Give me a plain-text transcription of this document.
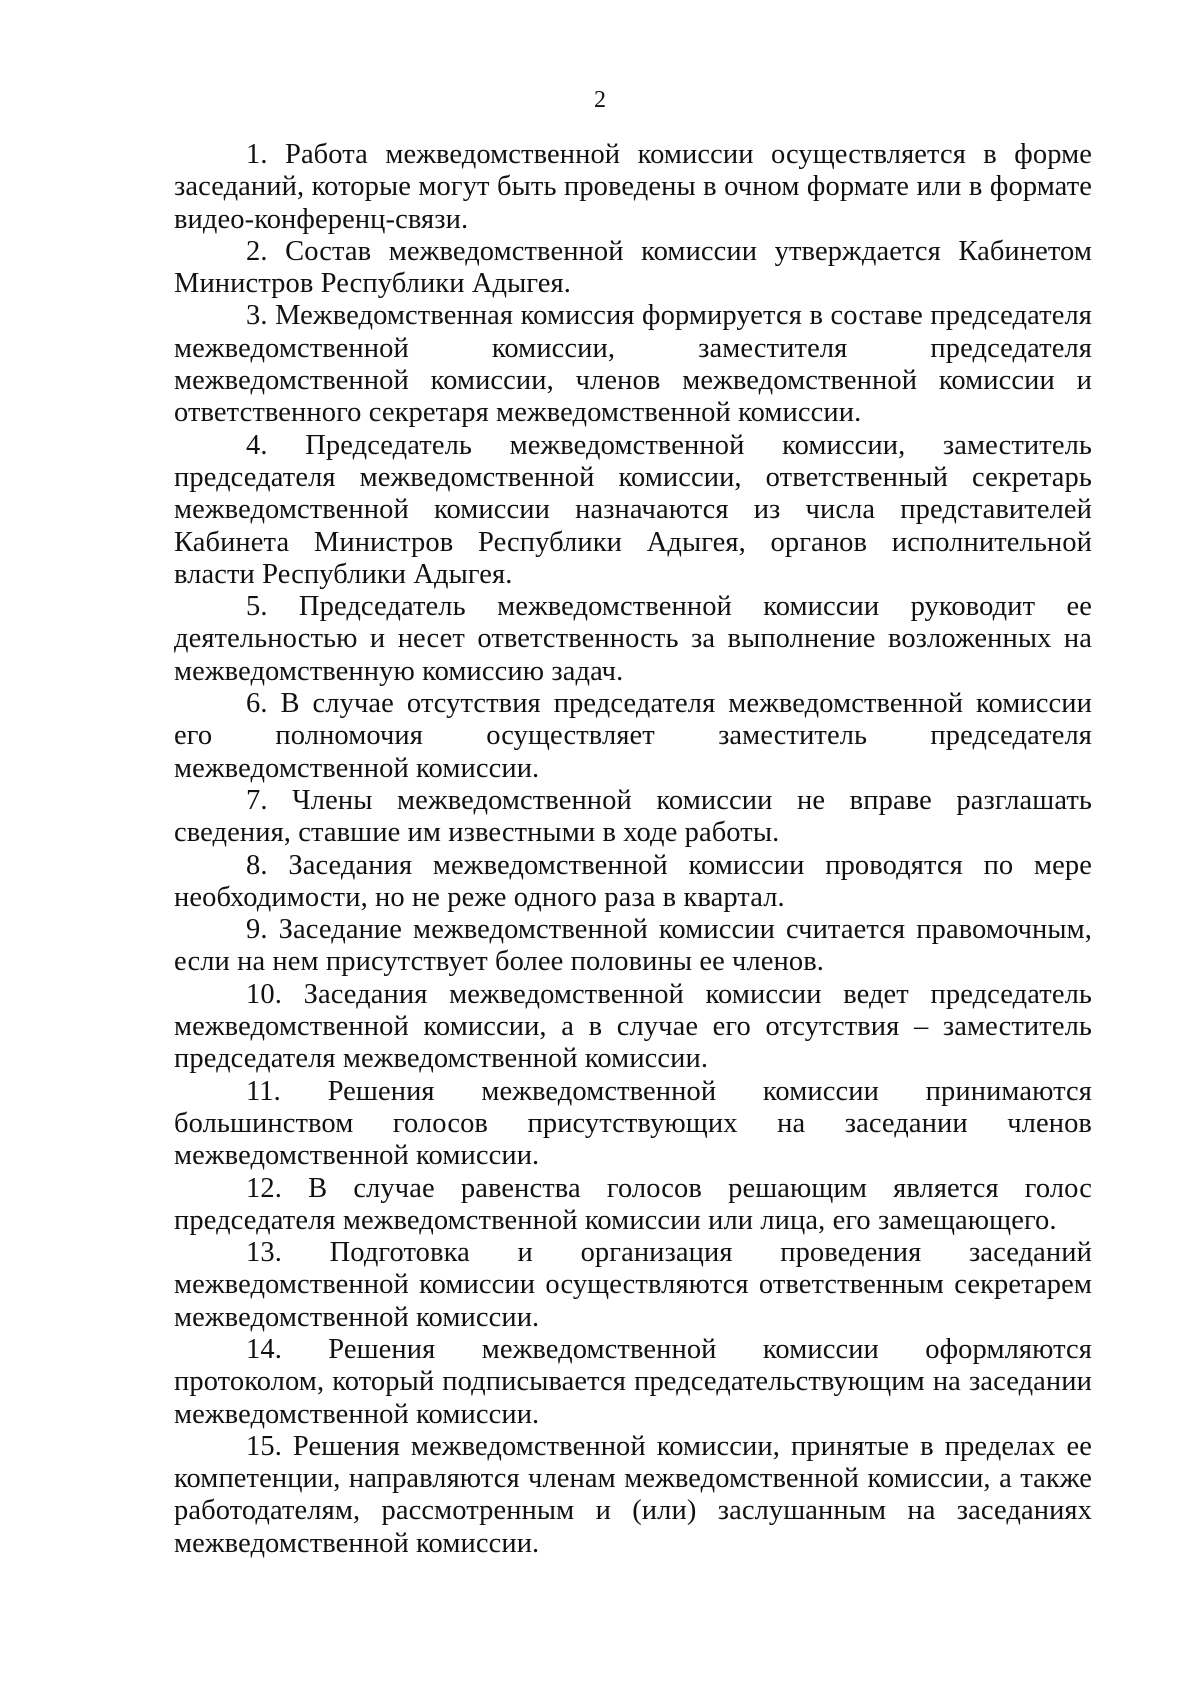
2

1. Работа межведомственной комиссии осуществляется в форме заседаний, которые могут быть проведены в очном формате или в формате видео-конференц-связи.

2. Состав межведомственной комиссии утверждается Кабинетом Министров Республики Адыгея.

3. Межведомственная комиссия формируется в составе председателя межведомственной комиссии, заместителя председателя межведомственной комиссии, членов межведомственной комиссии и ответственного секретаря межведомственной комиссии.

4. Председатель межведомственной комиссии, заместитель председателя межведомственной комиссии, ответственный секретарь межведомственной комиссии назначаются из числа представителей Кабинета Министров Республики Адыгея, органов исполнительной власти Республики Адыгея.

5. Председатель межведомственной комиссии руководит ее деятельностью и несет ответственность за выполнение возложенных на межведомственную комиссию задач.

6. В случае отсутствия председателя межведомственной комиссии его полномочия осуществляет заместитель председателя межведомственной комиссии.

7. Члены межведомственной комиссии не вправе разглашать сведения, ставшие им известными в ходе работы.

8. Заседания межведомственной комиссии проводятся по мере необходимости, но не реже одного раза в квартал.

9. Заседание межведомственной комиссии считается правомочным, если на нем присутствует более половины ее членов.

10. Заседания межведомственной комиссии ведет председатель межведомственной комиссии, а в случае его отсутствия – заместитель председателя межведомственной комиссии.

11. Решения межведомственной комиссии принимаются большинством голосов присутствующих на заседании членов межведомственной комиссии.

12. В случае равенства голосов решающим является голос председателя межведомственной комиссии или лица, его замещающего.

13. Подготовка и организация проведения заседаний межведомственной комиссии осуществляются ответственным секретарем межведомственной комиссии.

14. Решения межведомственной комиссии оформляются протоколом, который подписывается председательствующим на заседании межведомственной комиссии.

15. Решения межведомственной комиссии, принятые в пределах ее компетенции, направляются членам межведомственной комиссии, а также работодателям, рассмотренным и (или) заслушанным на заседаниях межведомственной комиссии.
